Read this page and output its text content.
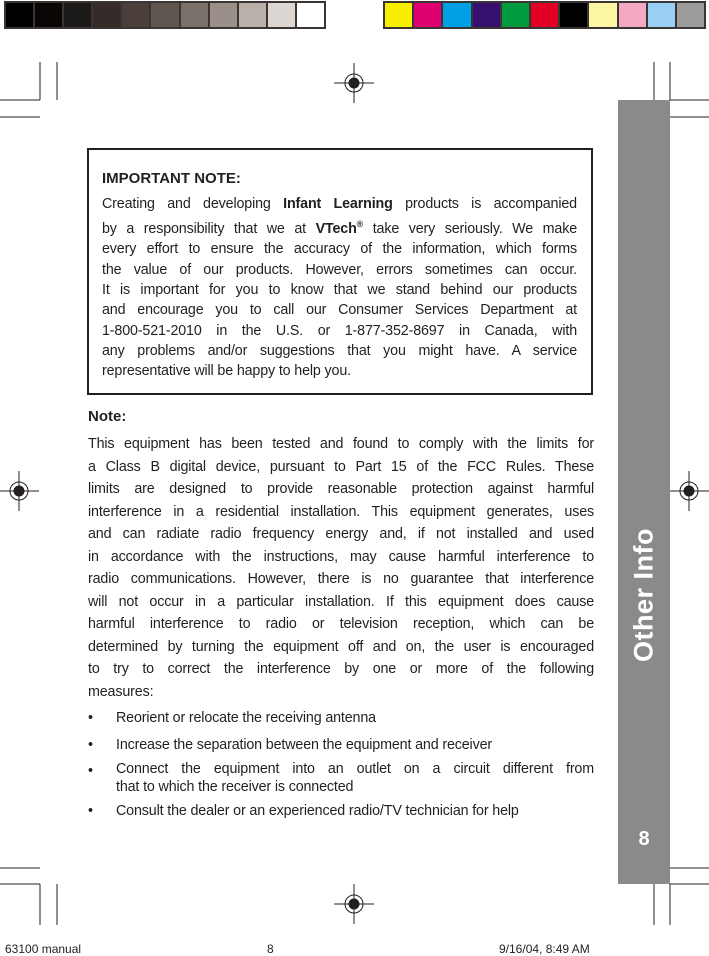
IMPORTANT NOTE:
Creating and developing Infant Learning products is accompanied
by a responsibility that we at VTech® take very seriously. We make
every effort to ensure the accuracy of the information, which forms
the value of our products. However, errors sometimes can occur.
It is important for you to know that we stand behind our products
and encourage you to call our Consumer Services Department at
1-800-521-2010 in the U.S. or 1-877-352-8697 in Canada, with
any problems and/or suggestions that you might have. A service
representative will be happy to help you.
Note:
This equipment has been tested and found to comply with the limits for
a Class B digital device, pursuant to Part 15 of the FCC Rules. These
limits are designed to provide reasonable protection against harmful
interference in a residential installation. This equipment generates, uses
and can radiate radio frequency energy and, if not installed and used
in accordance with the instructions, may cause harmful interference to
radio communications. However, there is no guarantee that interference
will not occur in a particular installation. If this equipment does cause
harmful interference to radio or television reception, which can be
determined by turning the equipment off and on, the user is encouraged
to try to correct the interference by one or more of the following
measures:
• Reorient or relocate the receiving antenna
• Increase the separation between the equipment and receiver
• Connect the equipment into an outlet on a circuit different from
that to which the receiver is connected
• Consult the dealer or an experienced radio/TV technician for help
Other Info
8
63100 manual	8	9/16/04, 8:49 AM
